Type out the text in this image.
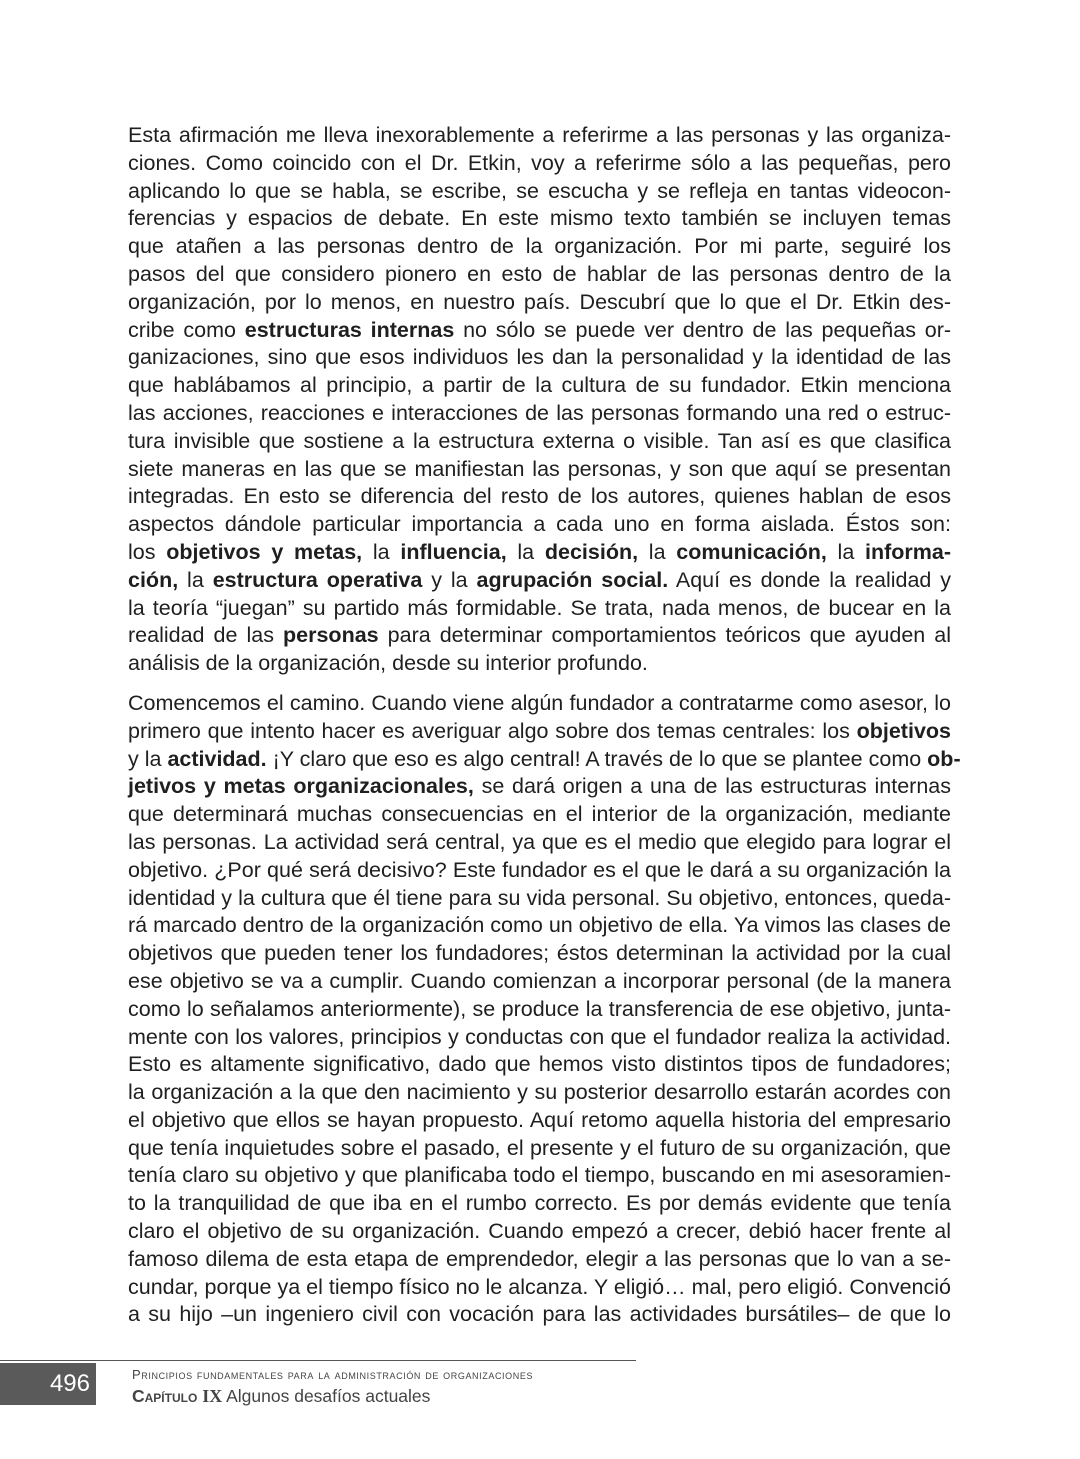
Esta afirmación me lleva inexorablemente a referirme a las personas y las organiza-
ciones. Como coincido con el Dr. Etkin, voy a referirme sólo a las pequeñas, pero
aplicando lo que se habla, se escribe, se escucha y se refleja en tantas videocon-
ferencias y espacios de debate. En este mismo texto también se incluyen temas
que atañen a las personas dentro de la organización. Por mi parte, seguiré los
pasos del que considero pionero en esto de hablar de las personas dentro de la
organización, por lo menos, en nuestro país. Descubrí que lo que el Dr. Etkin des-
cribe como estructuras internas no sólo se puede ver dentro de las pequeñas or-
ganizaciones, sino que esos individuos les dan la personalidad y la identidad de las
que hablábamos al principio, a partir de la cultura de su fundador. Etkin menciona
las acciones, reacciones e interacciones de las personas formando una red o estruc-
tura invisible que sostiene a la estructura externa o visible. Tan así es que clasifica
siete maneras en las que se manifiestan las personas, y son que aquí se presentan
integradas. En esto se diferencia del resto de los autores, quienes hablan de esos
aspectos dándole particular importancia a cada uno en forma aislada. Éstos son:
los objetivos y metas, la influencia, la decisión, la comunicación, la informa-
ción, la estructura operativa y la agrupación social. Aquí es donde la realidad y
la teoría “juegan” su partido más formidable. Se trata, nada menos, de bucear en la
realidad de las personas para determinar comportamientos teóricos que ayuden al
análisis de la organización, desde su interior profundo.
Comencemos el camino. Cuando viene algún fundador a contratarme como asesor, lo
primero que intento hacer es averiguar algo sobre dos temas centrales: los objetivos
y la actividad. ¡Y claro que eso es algo central! A través de lo que se plantee como ob-
jetivos y metas organizacionales, se dará origen a una de las estructuras internas
que determinará muchas consecuencias en el interior de la organización, mediante
las personas. La actividad será central, ya que es el medio que elegido para lograr el
objetivo. ¿Por qué será decisivo? Este fundador es el que le dará a su organización la
identidad y la cultura que él tiene para su vida personal. Su objetivo, entonces, queda-
rá marcado dentro de la organización como un objetivo de ella. Ya vimos las clases de
objetivos que pueden tener los fundadores; éstos determinan la actividad por la cual
ese objetivo se va a cumplir. Cuando comienzan a incorporar personal (de la manera
como lo señalamos anteriormente), se produce la transferencia de ese objetivo, junta-
mente con los valores, principios y conductas con que el fundador realiza la actividad.
Esto es altamente significativo, dado que hemos visto distintos tipos de fundadores;
la organización a la que den nacimiento y su posterior desarrollo estarán acordes con
el objetivo que ellos se hayan propuesto. Aquí retomo aquella historia del empresario
que tenía inquietudes sobre el pasado, el presente y el futuro de su organización, que
tenía claro su objetivo y que planificaba todo el tiempo, buscando en mi asesoramien-
to la tranquilidad de que iba en el rumbo correcto. Es por demás evidente que tenía
claro el objetivo de su organización. Cuando empezó a crecer, debió hacer frente al
famoso dilema de esta etapa de emprendedor, elegir a las personas que lo van a se-
cundar, porque ya el tiempo físico no le alcanza. Y eligió… mal, pero eligió. Convenció
a su hijo –un ingeniero civil con vocación para las actividades bursátiles– de que lo
496	Principios fundamentales para la administración de organizaciones
Capítulo IX Algunos desafíos actuales
